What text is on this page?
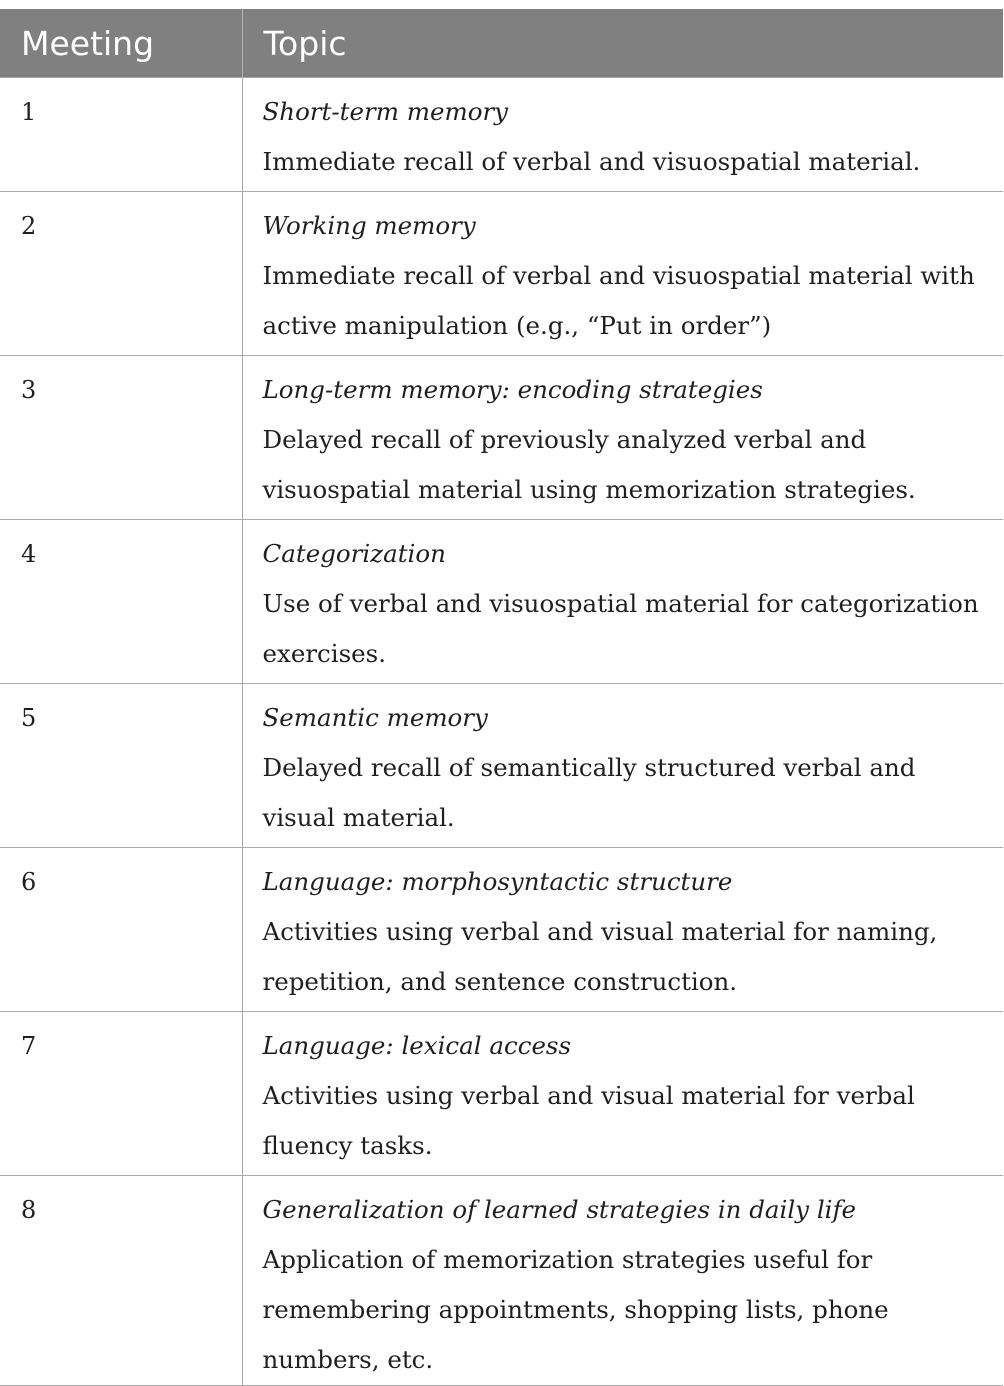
Meeting	Topic
1	Short-term memory
Immediate recall of verbal and visuospatial material.

2	Working memory
Immediate recall of verbal and visuospatial material with active manipulation (e.g., “Put in order”)

3	Long-term memory: encoding strategies
Delayed recall of previously analyzed verbal and visuospatial material using memorization strategies.

4	Categorization
Use of verbal and visuospatial material for categorization exercises.

5	Semantic memory
Delayed recall of semantically structured verbal and visual material.

6	Language: morphosyntactic structure
Activities using verbal and visual material for naming, repetition, and sentence construction.

7	Language: lexical access
Activities using verbal and visual material for verbal fluency tasks.

8	Generalization of learned strategies in daily life
Application of memorization strategies useful for remembering appointments, shopping lists, phone numbers, etc.
